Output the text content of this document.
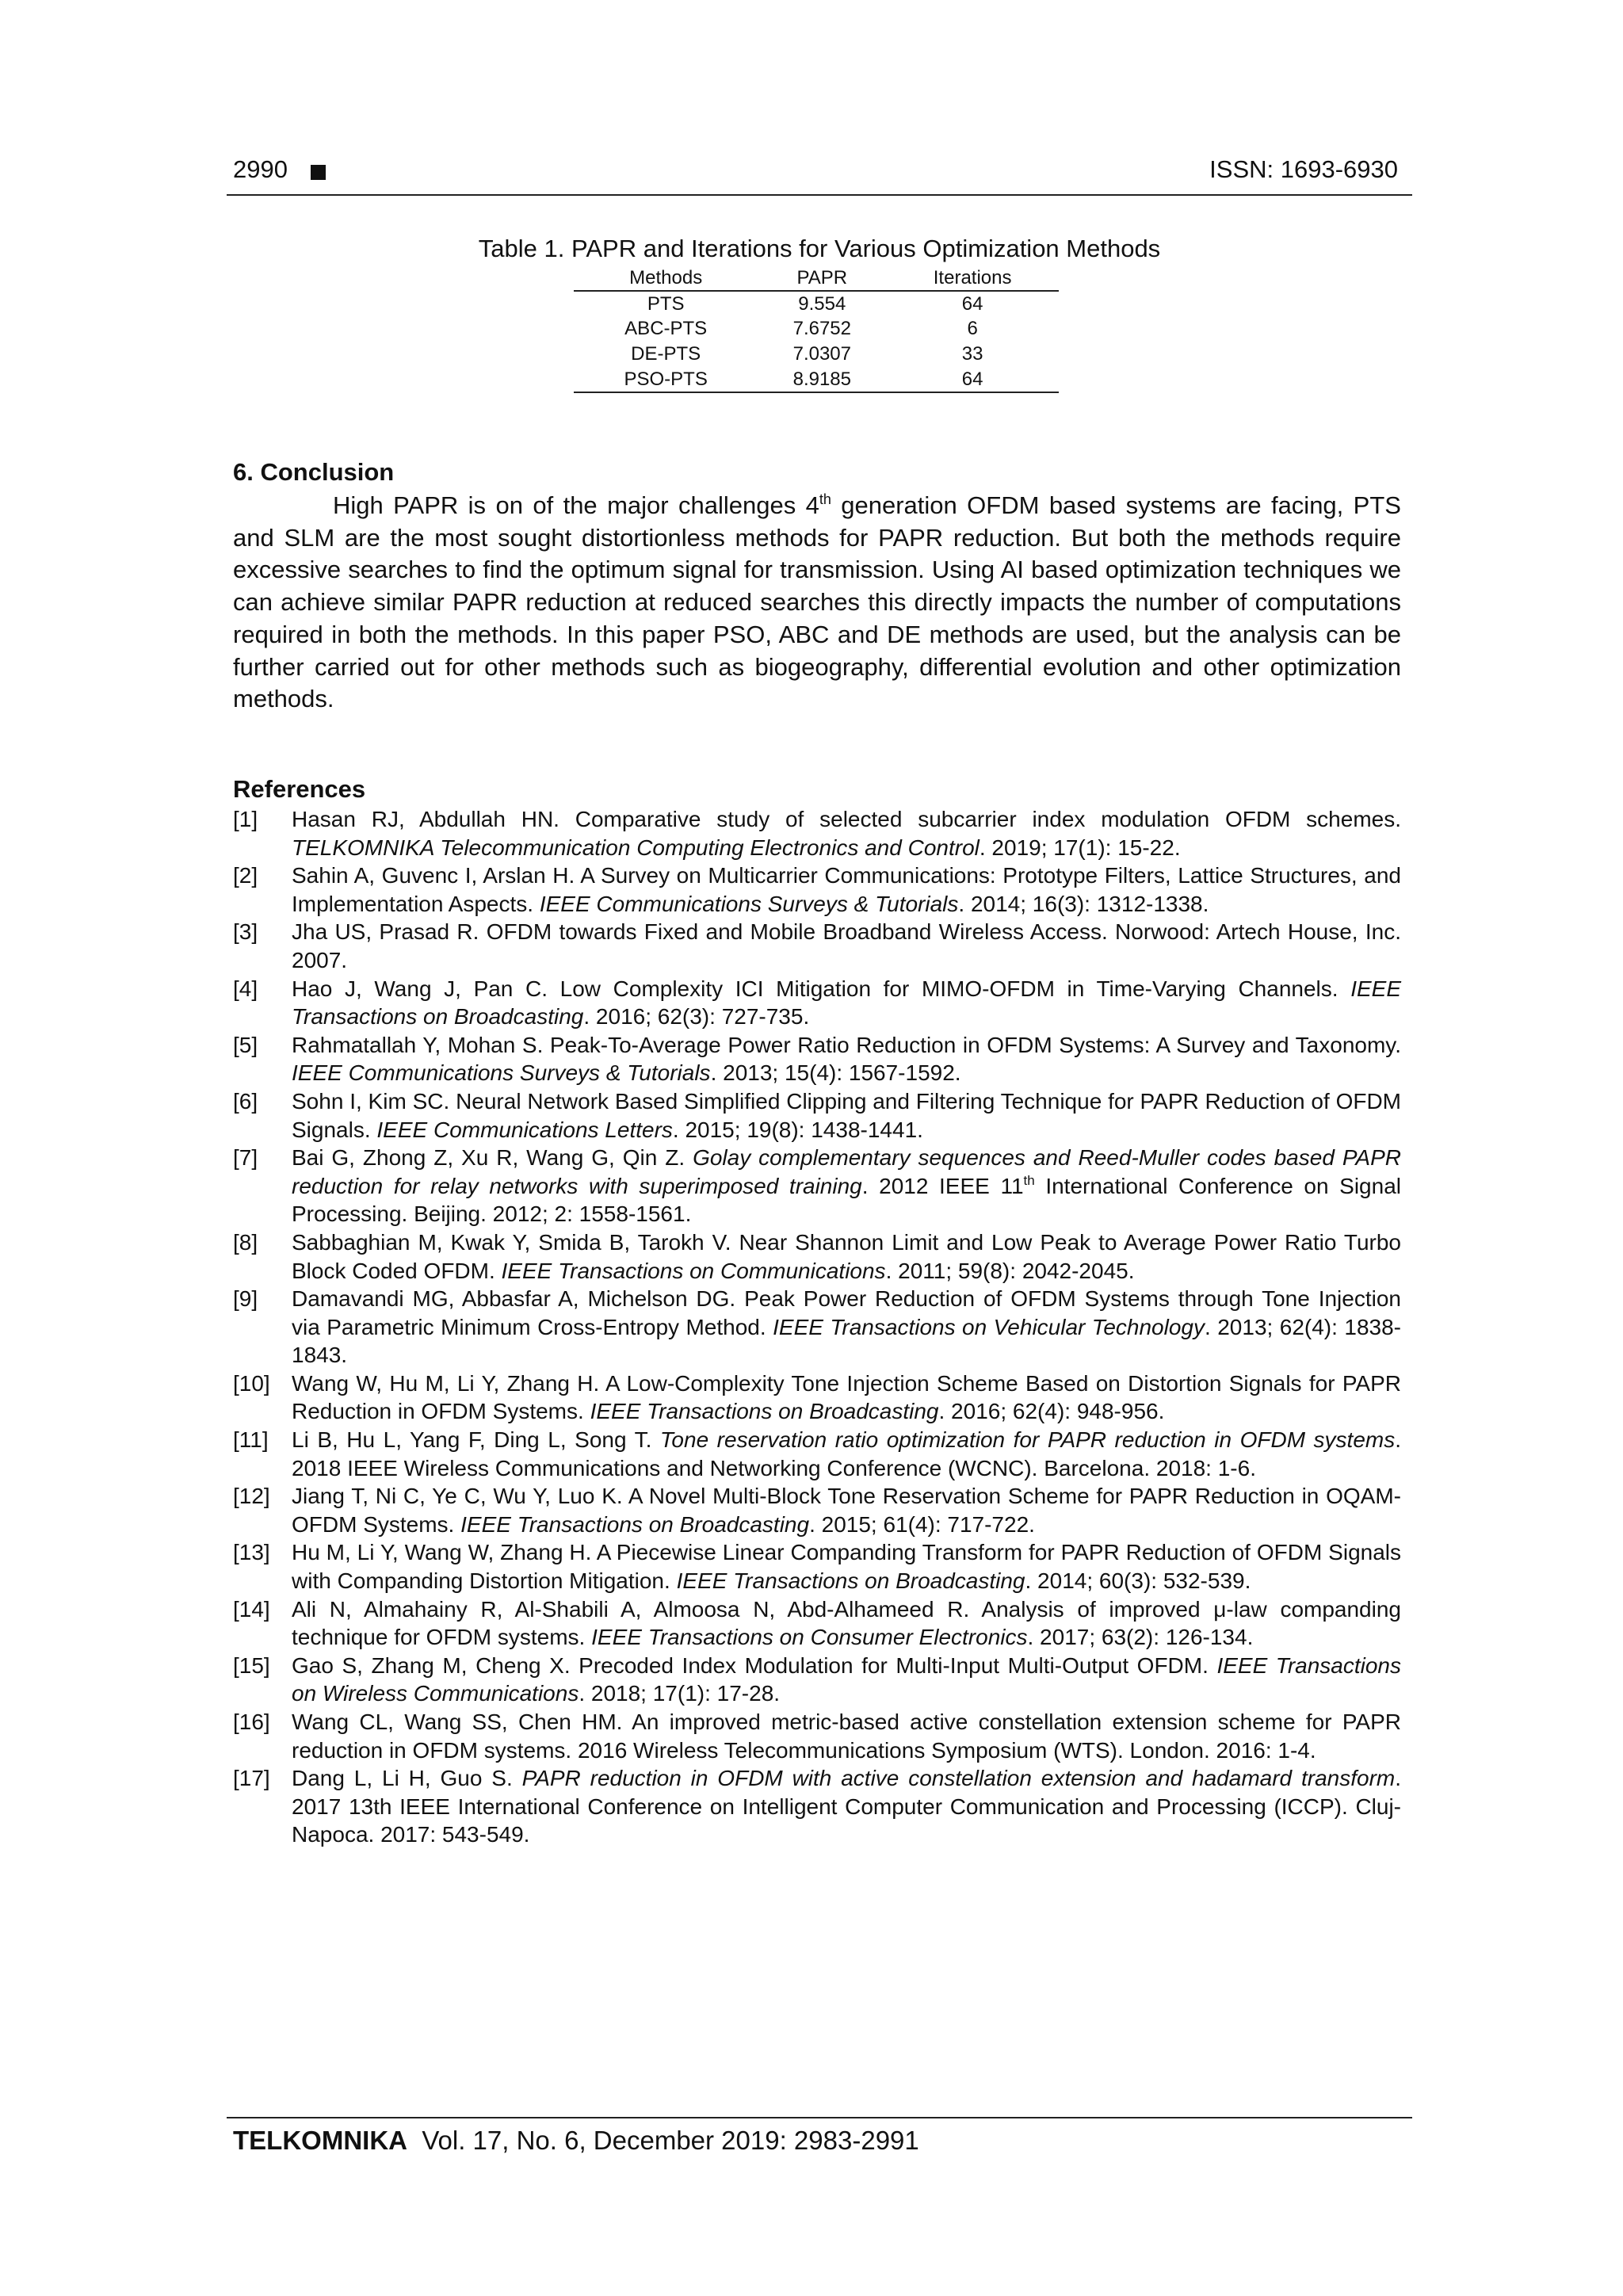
2990	ISSN: 1693-6930
Table 1. PAPR and Iterations for Various Optimization Methods
Methods	PAPR	Iterations
PTS	9.554	64
ABC-PTS	7.6752	6
DE-PTS	7.0307	33
PSO-PTS	8.9185	64
6. Conclusion

High PAPR is on of the major challenges 4th generation OFDM based systems are facing, PTS and SLM are the most sought distortionless methods for PAPR reduction. But both the methods require excessive searches to find the optimum signal for transmission. Using AI based optimization techniques we can achieve similar PAPR reduction at reduced searches this directly impacts the number of computations required in both the methods. In this paper PSO, ABC and DE methods are used, but the analysis can be further carried out for other methods such as biogeography, differential evolution and other optimization methods.

References
[1]	Hasan RJ, Abdullah HN. Comparative study of selected subcarrier index modulation OFDM schemes. TELKOMNIKA Telecommunication Computing Electronics and Control. 2019; 17(1): 15-22.
[2]	Sahin A, Guvenc I, Arslan H. A Survey on Multicarrier Communications: Prototype Filters, Lattice Structures, and Implementation Aspects. IEEE Communications Surveys & Tutorials. 2014; 16(3): 1312-1338.
[3]	Jha US, Prasad R. OFDM towards Fixed and Mobile Broadband Wireless Access. Norwood: Artech House, Inc. 2007.
[4]	Hao J, Wang J, Pan C. Low Complexity ICI Mitigation for MIMO-OFDM in Time-Varying Channels. IEEE Transactions on Broadcasting. 2016; 62(3): 727-735.
[5]	Rahmatallah Y, Mohan S. Peak-To-Average Power Ratio Reduction in OFDM Systems: A Survey and Taxonomy. IEEE Communications Surveys & Tutorials. 2013; 15(4): 1567-1592.
[6]	Sohn I, Kim SC. Neural Network Based Simplified Clipping and Filtering Technique for PAPR Reduction of OFDM Signals. IEEE Communications Letters. 2015; 19(8): 1438-1441.
[7]	Bai G, Zhong Z, Xu R, Wang G, Qin Z. Golay complementary sequences and Reed-Muller codes based PAPR reduction for relay networks with superimposed training. 2012 IEEE 11th International Conference on Signal Processing. Beijing. 2012; 2: 1558-1561.
[8]	Sabbaghian M, Kwak Y, Smida B, Tarokh V. Near Shannon Limit and Low Peak to Average Power Ratio Turbo Block Coded OFDM. IEEE Transactions on Communications. 2011; 59(8): 2042-2045.
[9]	Damavandi MG, Abbasfar A, Michelson DG. Peak Power Reduction of OFDM Systems through Tone Injection via Parametric Minimum Cross-Entropy Method. IEEE Transactions on Vehicular Technology. 2013; 62(4): 1838-1843.
[10] Wang W, Hu M, Li Y, Zhang H. A Low-Complexity Tone Injection Scheme Based on Distortion Signals for PAPR Reduction in OFDM Systems. IEEE Transactions on Broadcasting. 2016; 62(4): 948-956.
[11]	Li B, Hu L, Yang F, Ding L, Song T. Tone reservation ratio optimization for PAPR reduction in OFDM systems. 2018 IEEE Wireless Communications and Networking Conference (WCNC). Barcelona. 2018: 1-6.
[12] Jiang T, Ni C, Ye C, Wu Y, Luo K. A Novel Multi-Block Tone Reservation Scheme for PAPR Reduction in OQAM-OFDM Systems. IEEE Transactions on Broadcasting. 2015; 61(4): 717-722.
[13] Hu M, Li Y, Wang W, Zhang H. A Piecewise Linear Companding Transform for PAPR Reduction of OFDM Signals with Companding Distortion Mitigation. IEEE Transactions on Broadcasting. 2014; 60(3): 532-539.
[14] Ali N, Almahainy R, Al-Shabili A, Almoosa N, Abd-Alhameed R. Analysis of improved μ-law companding technique for OFDM systems. IEEE Transactions on Consumer Electronics. 2017; 63(2): 126-134.
[15] Gao S, Zhang M, Cheng X. Precoded Index Modulation for Multi-Input Multi-Output OFDM. IEEE Transactions on Wireless Communications. 2018; 17(1): 17-28.
[16] Wang CL, Wang SS, Chen HM. An improved metric-based active constellation extension scheme for PAPR reduction in OFDM systems. 2016 Wireless Telecommunications Symposium (WTS). London. 2016: 1-4.
[17] Dang L, Li H, Guo S. PAPR reduction in OFDM with active constellation extension and hadamard transform. 2017 13th IEEE International Conference on Intelligent Computer Communication and Processing (ICCP). Cluj-Napoca. 2017: 543-549.
TELKOMNIKA Vol. 17, No. 6, December 2019: 2983-2991
